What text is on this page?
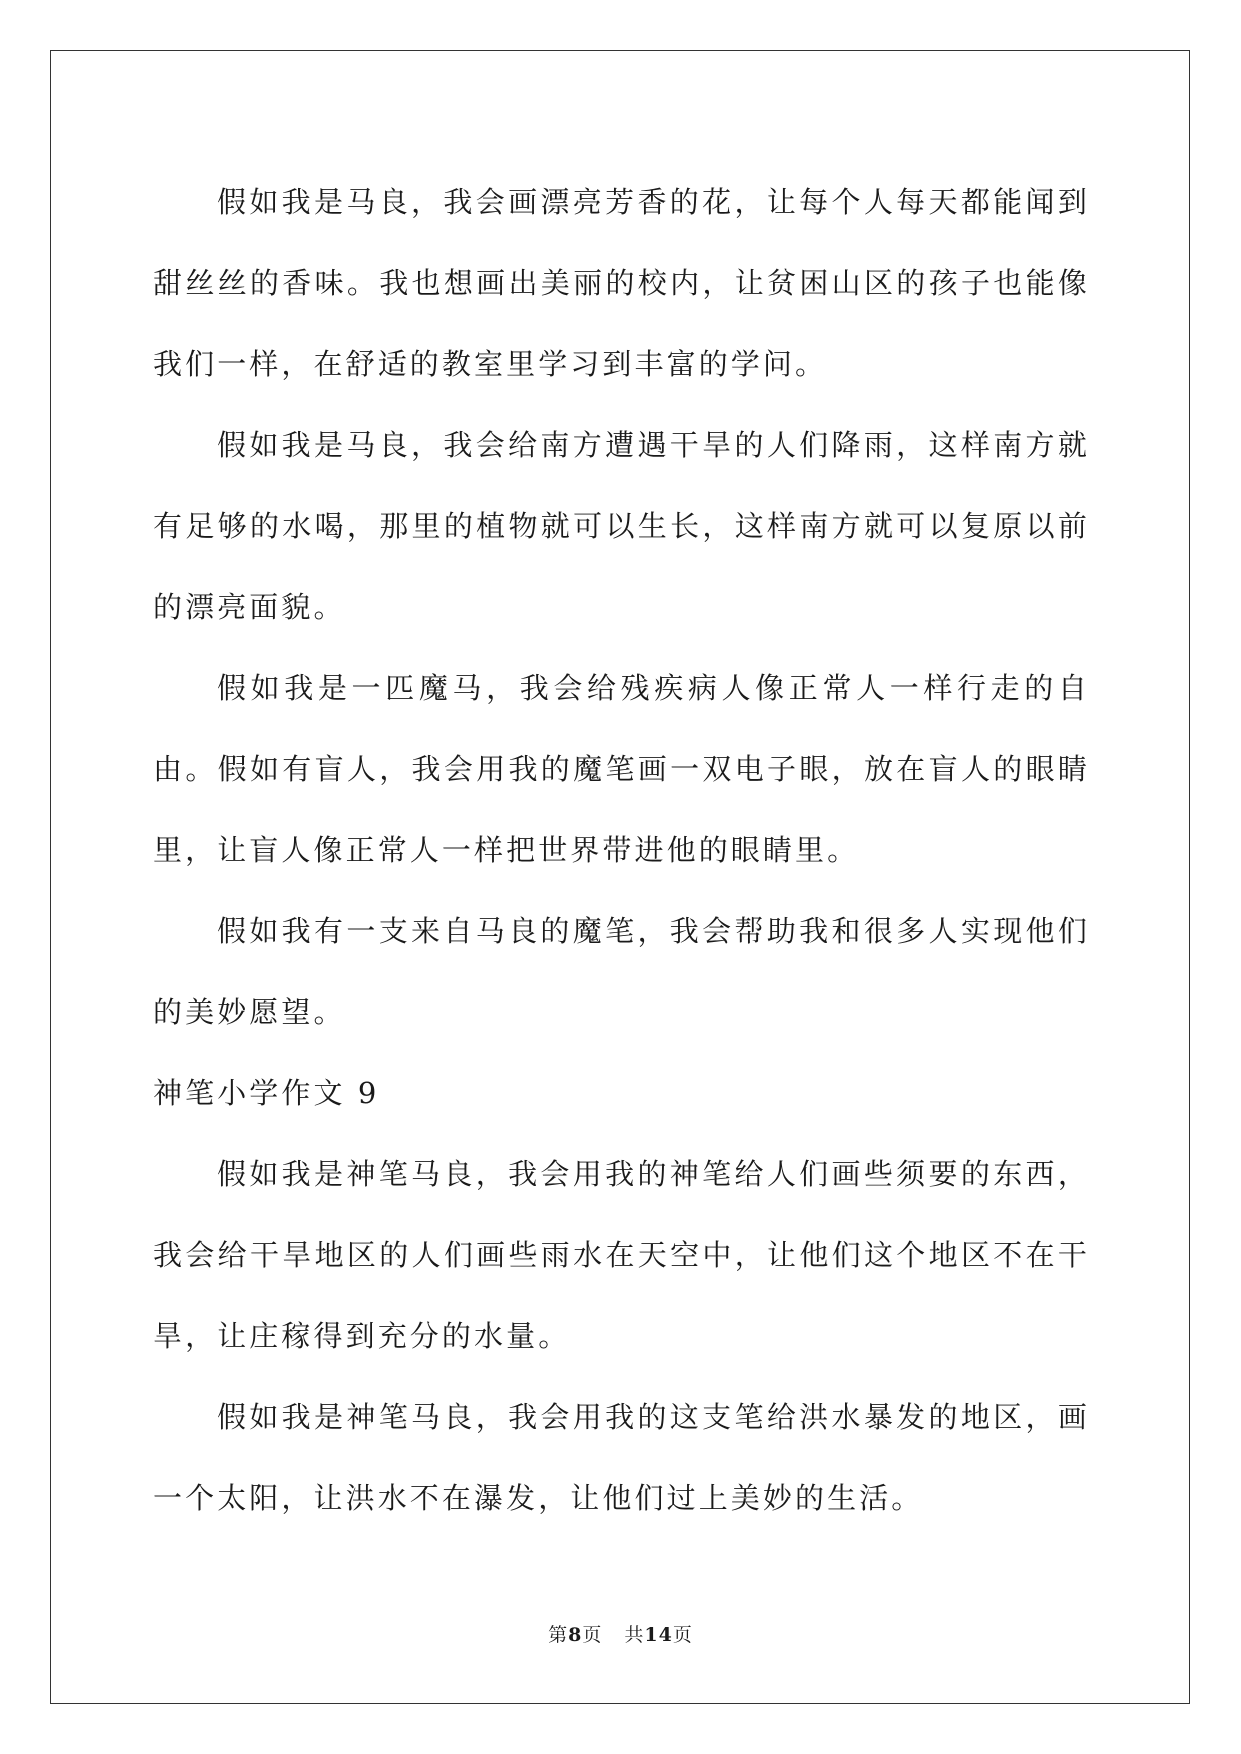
假如我是马良，我会画漂亮芳香的花，让每个人每天都能闻到甜丝丝的香味。我也想画出美丽的校内，让贫困山区的孩子也能像我们一样，在舒适的教室里学习到丰富的学问。

假如我是马良，我会给南方遭遇干旱的人们降雨，这样南方就有足够的水喝，那里的植物就可以生长，这样南方就可以复原以前的漂亮面貌。

假如我是一匹魔马，我会给残疾病人像正常人一样行走的自由。假如有盲人，我会用我的魔笔画一双电子眼，放在盲人的眼睛里，让盲人像正常人一样把世界带进他的眼睛里。

假如我有一支来自马良的魔笔，我会帮助我和很多人实现他们的美妙愿望。

神笔小学作文 9

假如我是神笔马良，我会用我的神笔给人们画些须要的东西，我会给干旱地区的人们画些雨水在天空中，让他们这个地区不在干旱，让庄稼得到充分的水量。

假如我是神笔马良，我会用我的这支笔给洪水暴发的地区，画一个太阳，让洪水不在瀑发，让他们过上美妙的生活。

第8页 共14页
